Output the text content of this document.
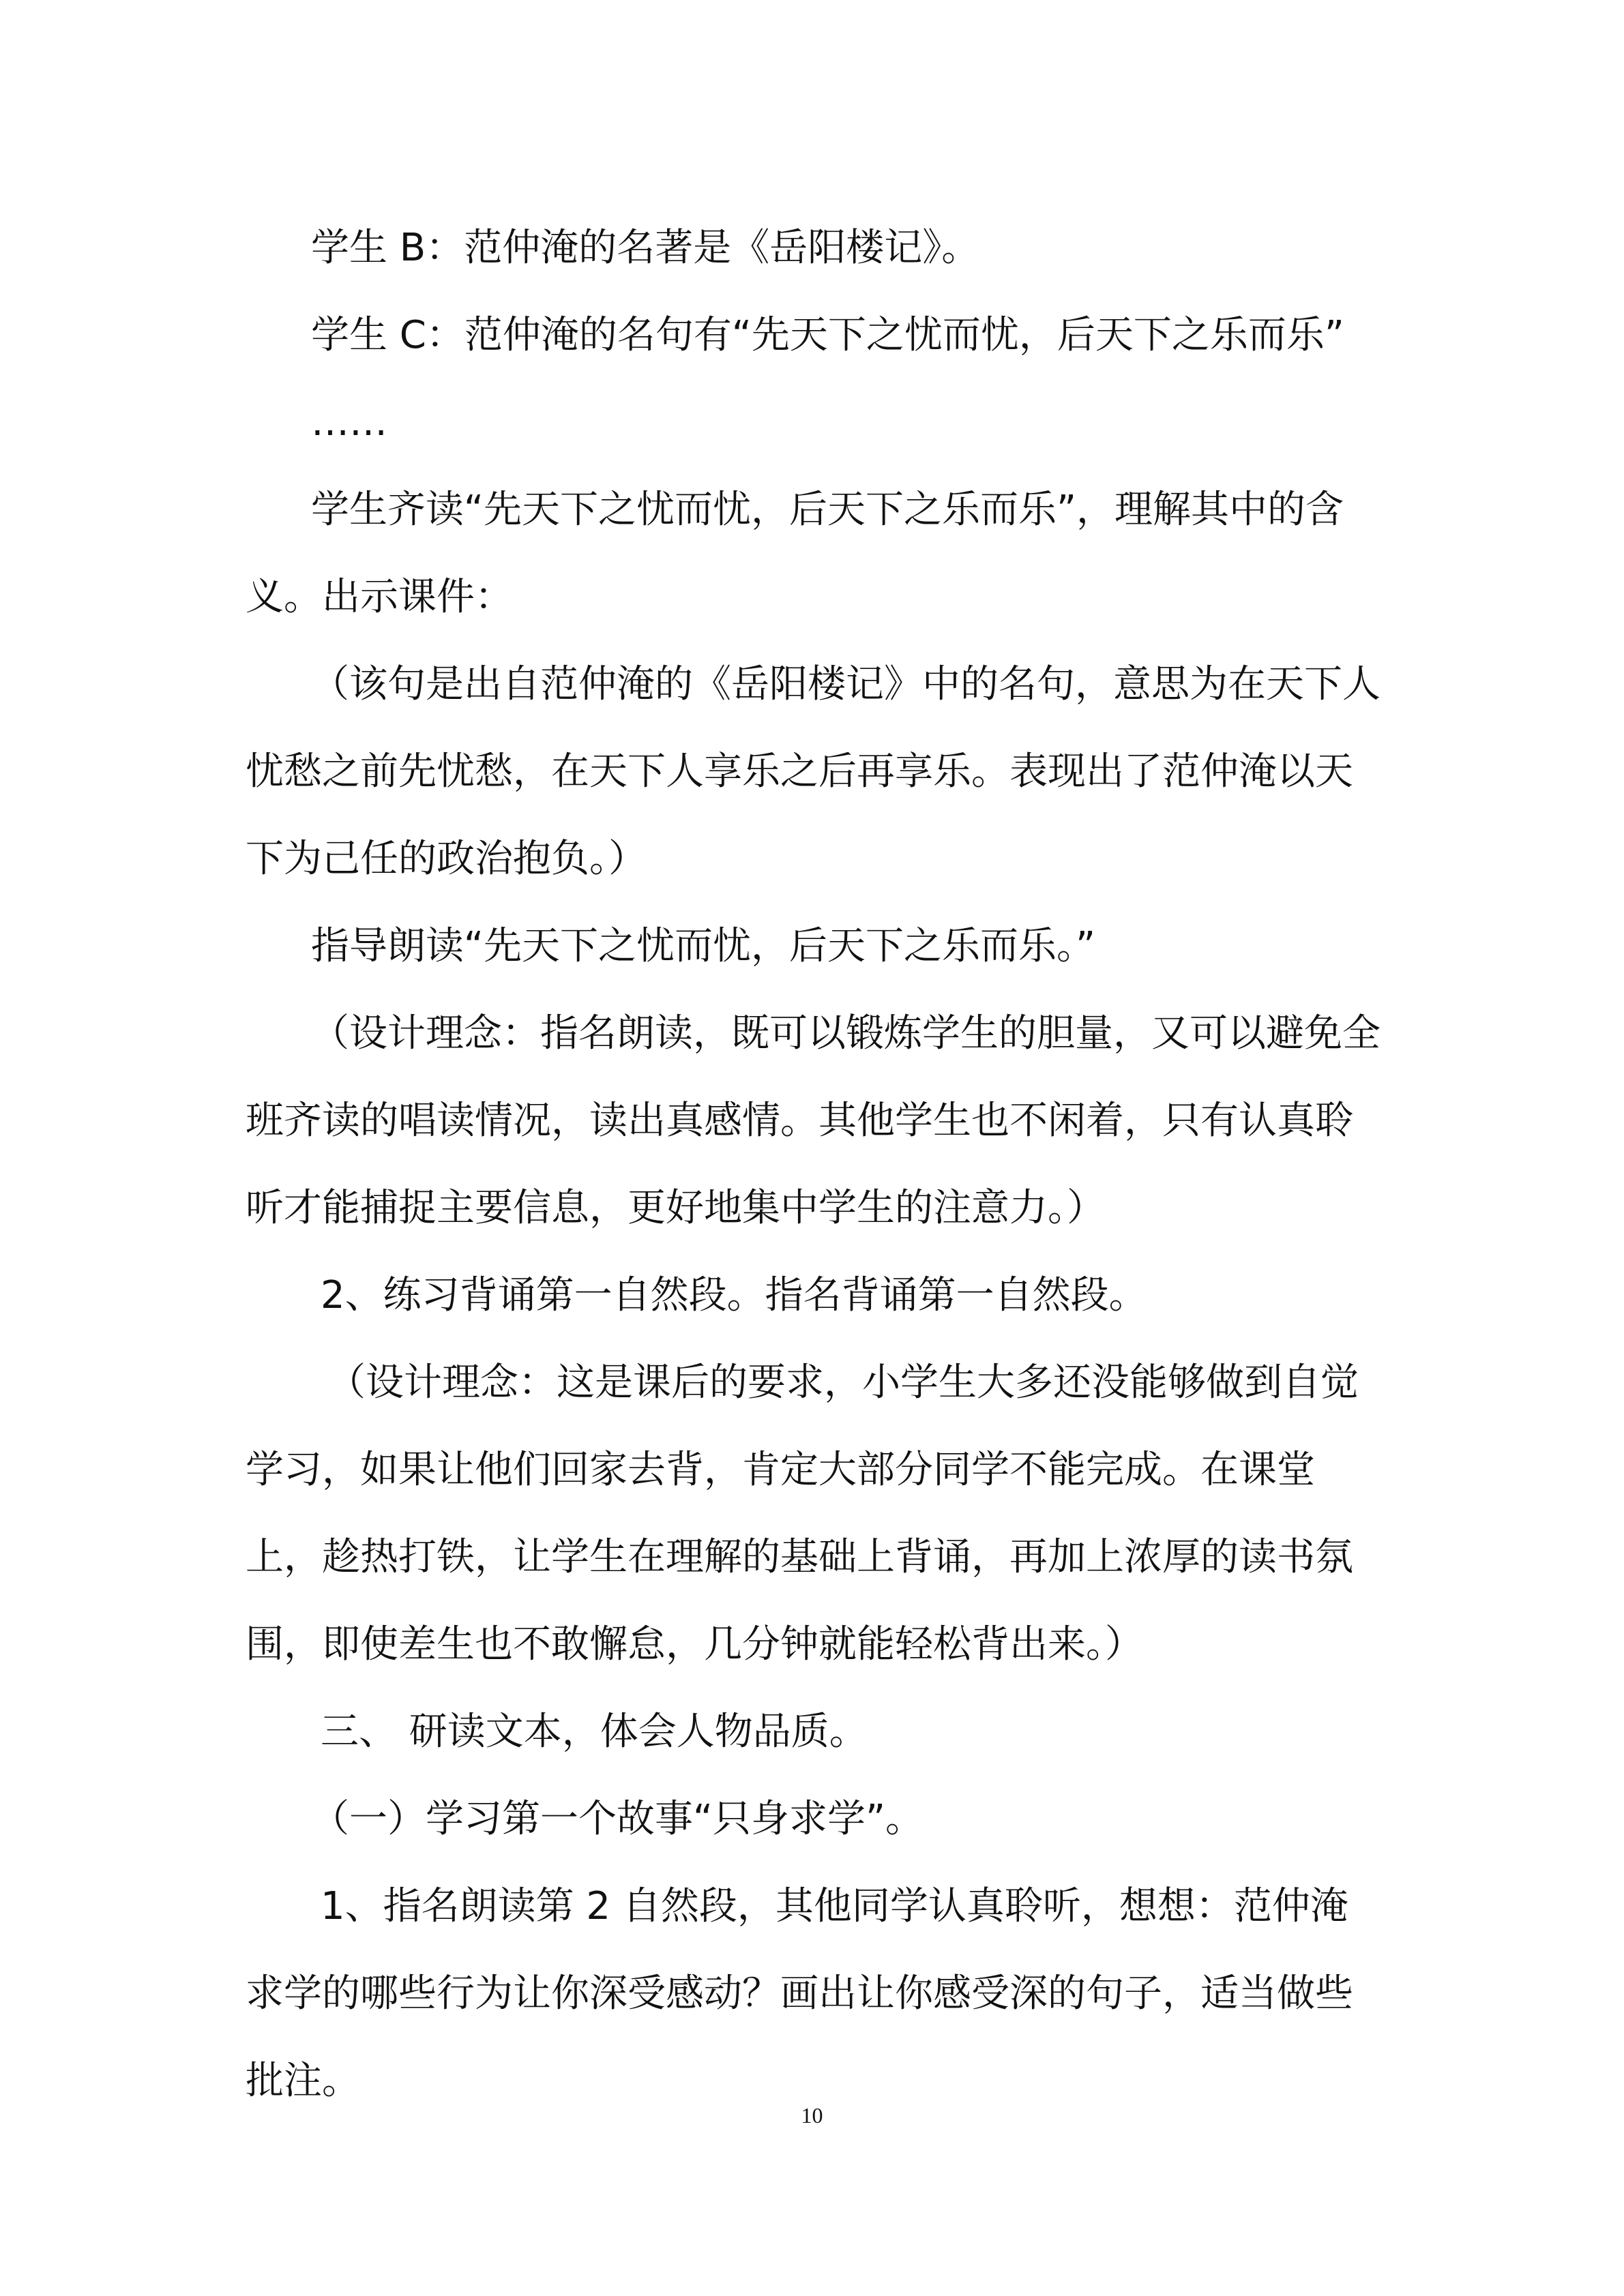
学生 B：范仲淹的名著是《岳阳楼记》。
学生 C：范仲淹的名句有“先天下之忧而忧，后天下之乐而乐”
……
学生齐读“先天下之忧而忧，后天下之乐而乐”，理解其中的含
义。出示课件：
（该句是出自范仲淹的《岳阳楼记》中的名句，意思为在天下人
忧愁之前先忧愁，在天下人享乐之后再享乐。表现出了范仲淹以天
下为己任的政治抱负。）
指导朗读“先天下之忧而忧，后天下之乐而乐。”
（设计理念：指名朗读，既可以锻炼学生的胆量，又可以避免全
班齐读的唱读情况，读出真感情。其他学生也不闲着，只有认真聆
听才能捕捉主要信息，更好地集中学生的注意力。）
2、练习背诵第一自然段。指名背诵第一自然段。
（设计理念：这是课后的要求，小学生大多还没能够做到自觉
学习，如果让他们回家去背，肯定大部分同学不能完成。在课堂
上，趁热打铁，让学生在理解的基础上背诵，再加上浓厚的读书氛
围，即使差生也不敢懈怠，几分钟就能轻松背出来。）
三、 研读文本，体会人物品质。
（一）学习第一个故事“只身求学”。
1、指名朗读第 2 自然段，其他同学认真聆听，想想：范仲淹
求学的哪些行为让你深受感动？画出让你感受深的句子，适当做些
批注。
10
